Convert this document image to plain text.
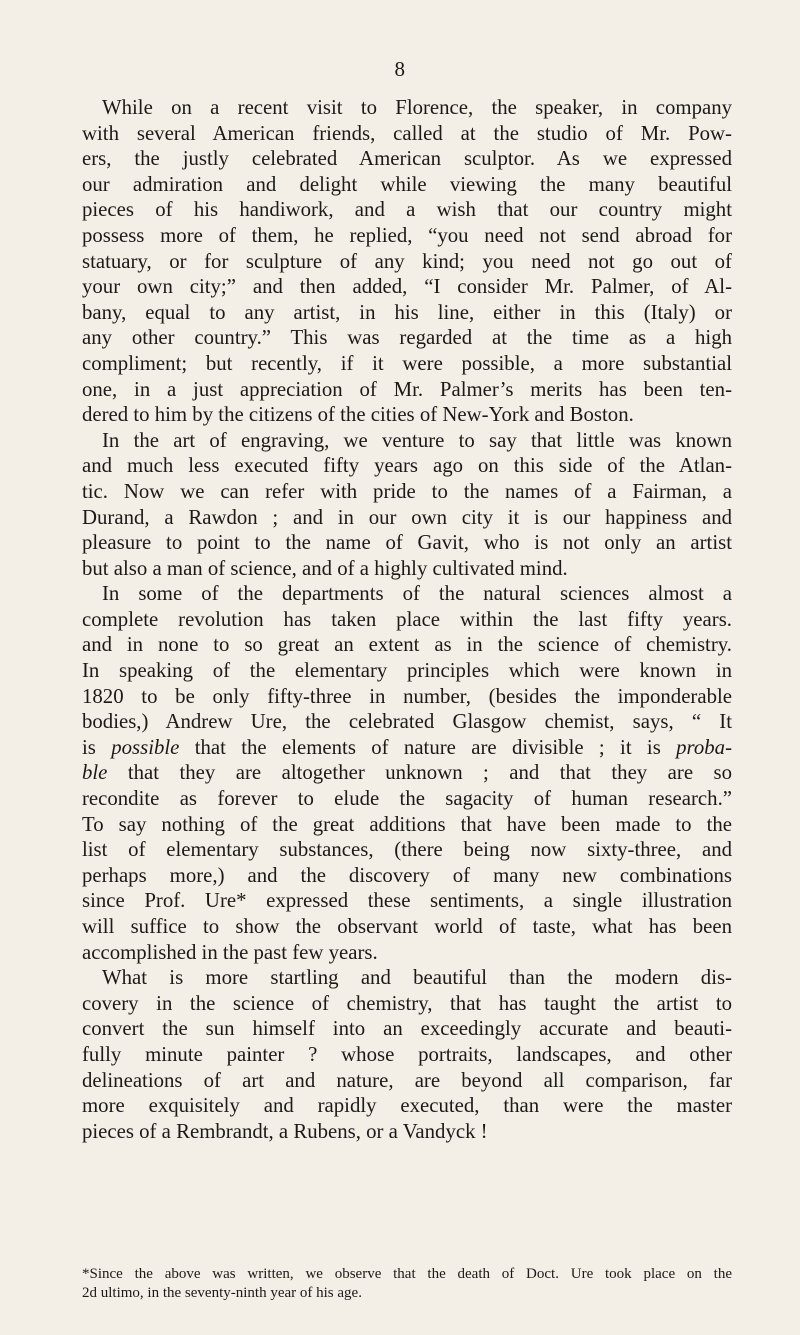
8
While on a recent visit to Florence, the speaker, in company
with several American friends, called at the studio of Mr. Pow-
ers, the justly celebrated American sculptor. As we expressed
our admiration and delight while viewing the many beautiful
pieces of his handiwork, and a wish that our country might
possess more of them, he replied, “you need not send abroad for
statuary, or for sculpture of any kind; you need not go out of
your own city;” and then added, “I consider Mr. Palmer, of Al-
bany, equal to any artist, in his line, either in this (Italy) or
any other country.” This was regarded at the time as a high
compliment; but recently, if it were possible, a more substantial
one, in a just appreciation of Mr. Palmer’s merits has been ten-
dered to him by the citizens of the cities of New-York and Boston.
In the art of engraving, we venture to say that little was known
and much less executed fifty years ago on this side of the Atlan-
tic. Now we can refer with pride to the names of a Fairman, a
Durand, a Rawdon ; and in our own city it is our happiness and
pleasure to point to the name of Gavit, who is not only an artist
but also a man of science, and of a highly cultivated mind.
In some of the departments of the natural sciences almost a
complete revolution has taken place within the last fifty years.
and in none to so great an extent as in the science of chemistry.
In speaking of the elementary principles which were known in
1820 to be only fifty-three in number, (besides the imponderable
bodies,) Andrew Ure, the celebrated Glasgow chemist, says, “ It
is possible that the elements of nature are divisible ; it is proba-
ble that they are altogether unknown ; and that they are so
recondite as forever to elude the sagacity of human research.”
To say nothing of the great additions that have been made to the
list of elementary substances, (there being now sixty-three, and
perhaps more,) and the discovery of many new combinations
since Prof. Ure* expressed these sentiments, a single illustration
will suffice to show the observant world of taste, what has been
accomplished in the past few years.
What is more startling and beautiful than the modern dis-
covery in the science of chemistry, that has taught the artist to
convert the sun himself into an exceedingly accurate and beauti-
fully minute painter ? whose portraits, landscapes, and other
delineations of art and nature, are beyond all comparison, far
more exquisitely and rapidly executed, than were the master
pieces of a Rembrandt, a Rubens, or a Vandyck !
*Since the above was written, we observe that the death of Doct. Ure took place on the
2d ultimo, in the seventy-ninth year of his age.
